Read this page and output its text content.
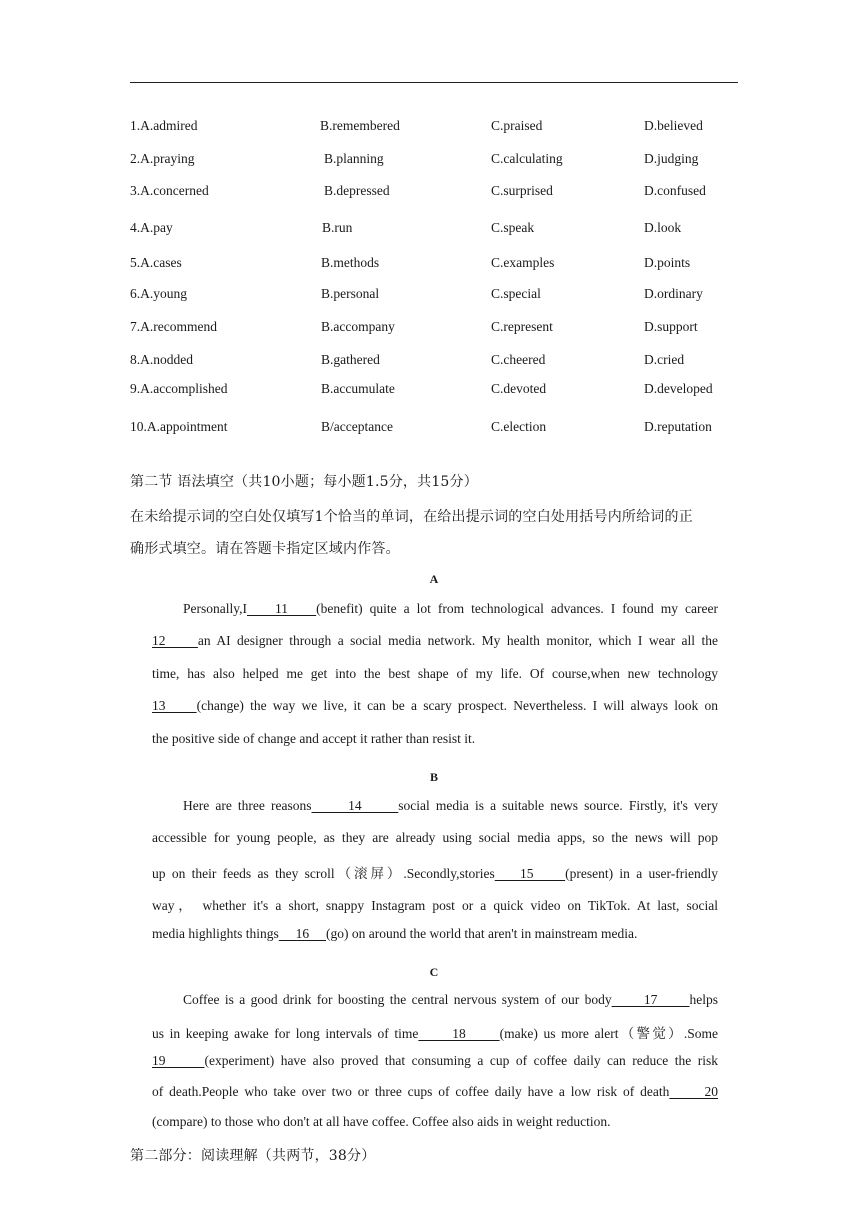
1.A.admired	B.remembered	C.praised	D.believed
2.A.praying	B.planning	C.calculating	D.judging
3.A.concerned	B.depressed	C.surprised	D.confused
4.A.pay	B.run	C.speak	D.look
5.A.cases	B.methods	C.examples	D.points
6.A.young	B.personal	C.special	D.ordinary
7.A.recommend	B.accompany	C.represent	D.support
8.A.nodded	B.gathered	C.cheered	D.cried
9.A.accomplished	B.accumulate	C.devoted	D.developed
10.A.appointment	B/acceptance	C.election	D.reputation
第二节 语法填空（共10小题；每小题1.5分，共15分）
在未给提示词的空白处仅填写1个恰当的单词，在给出提示词的空白处用括号内所给词的正
确形式填空。请在答题卡指定区域内作答。
A
Personally,I    11    (benefit) quite a lot from technological advances. I found my career
12     an AI designer through a social media network. My health monitor, which I wear all the
time, has also helped me get into the best shape of my life. Of course,when new technology
13     (change) the way we live, it can be a scary prospect. Nevertheless. I will always look on
the positive side of change and accept it rather than resist it.
B
Here are three reasons      14      social media is a suitable news source. Firstly, it's very
accessible for young people, as they are already using social media apps, so the news will pop
up on their feeds as they scroll（滚屏）.Secondly,stories    15     (present) in a user-friendly
way， whether it's a short, snappy Instagram post or a quick video on TikTok. At last, social
media highlights things     16     (go) on around the world that aren't in mainstream media.
C
Coffee is a good drink for boosting the central nervous system of our body      17      helps
us in keeping awake for long intervals of time      18      (make) us more alert（警觉）.Some
19      (experiment) have also proved that consuming a cup of coffee daily can reduce the risk
of death.People who take over two or three cups of coffee daily have a low risk of death      20
(compare) to those who don't at all have coffee. Coffee also aids in weight reduction.
第二部分：阅读理解（共两节，38分）
